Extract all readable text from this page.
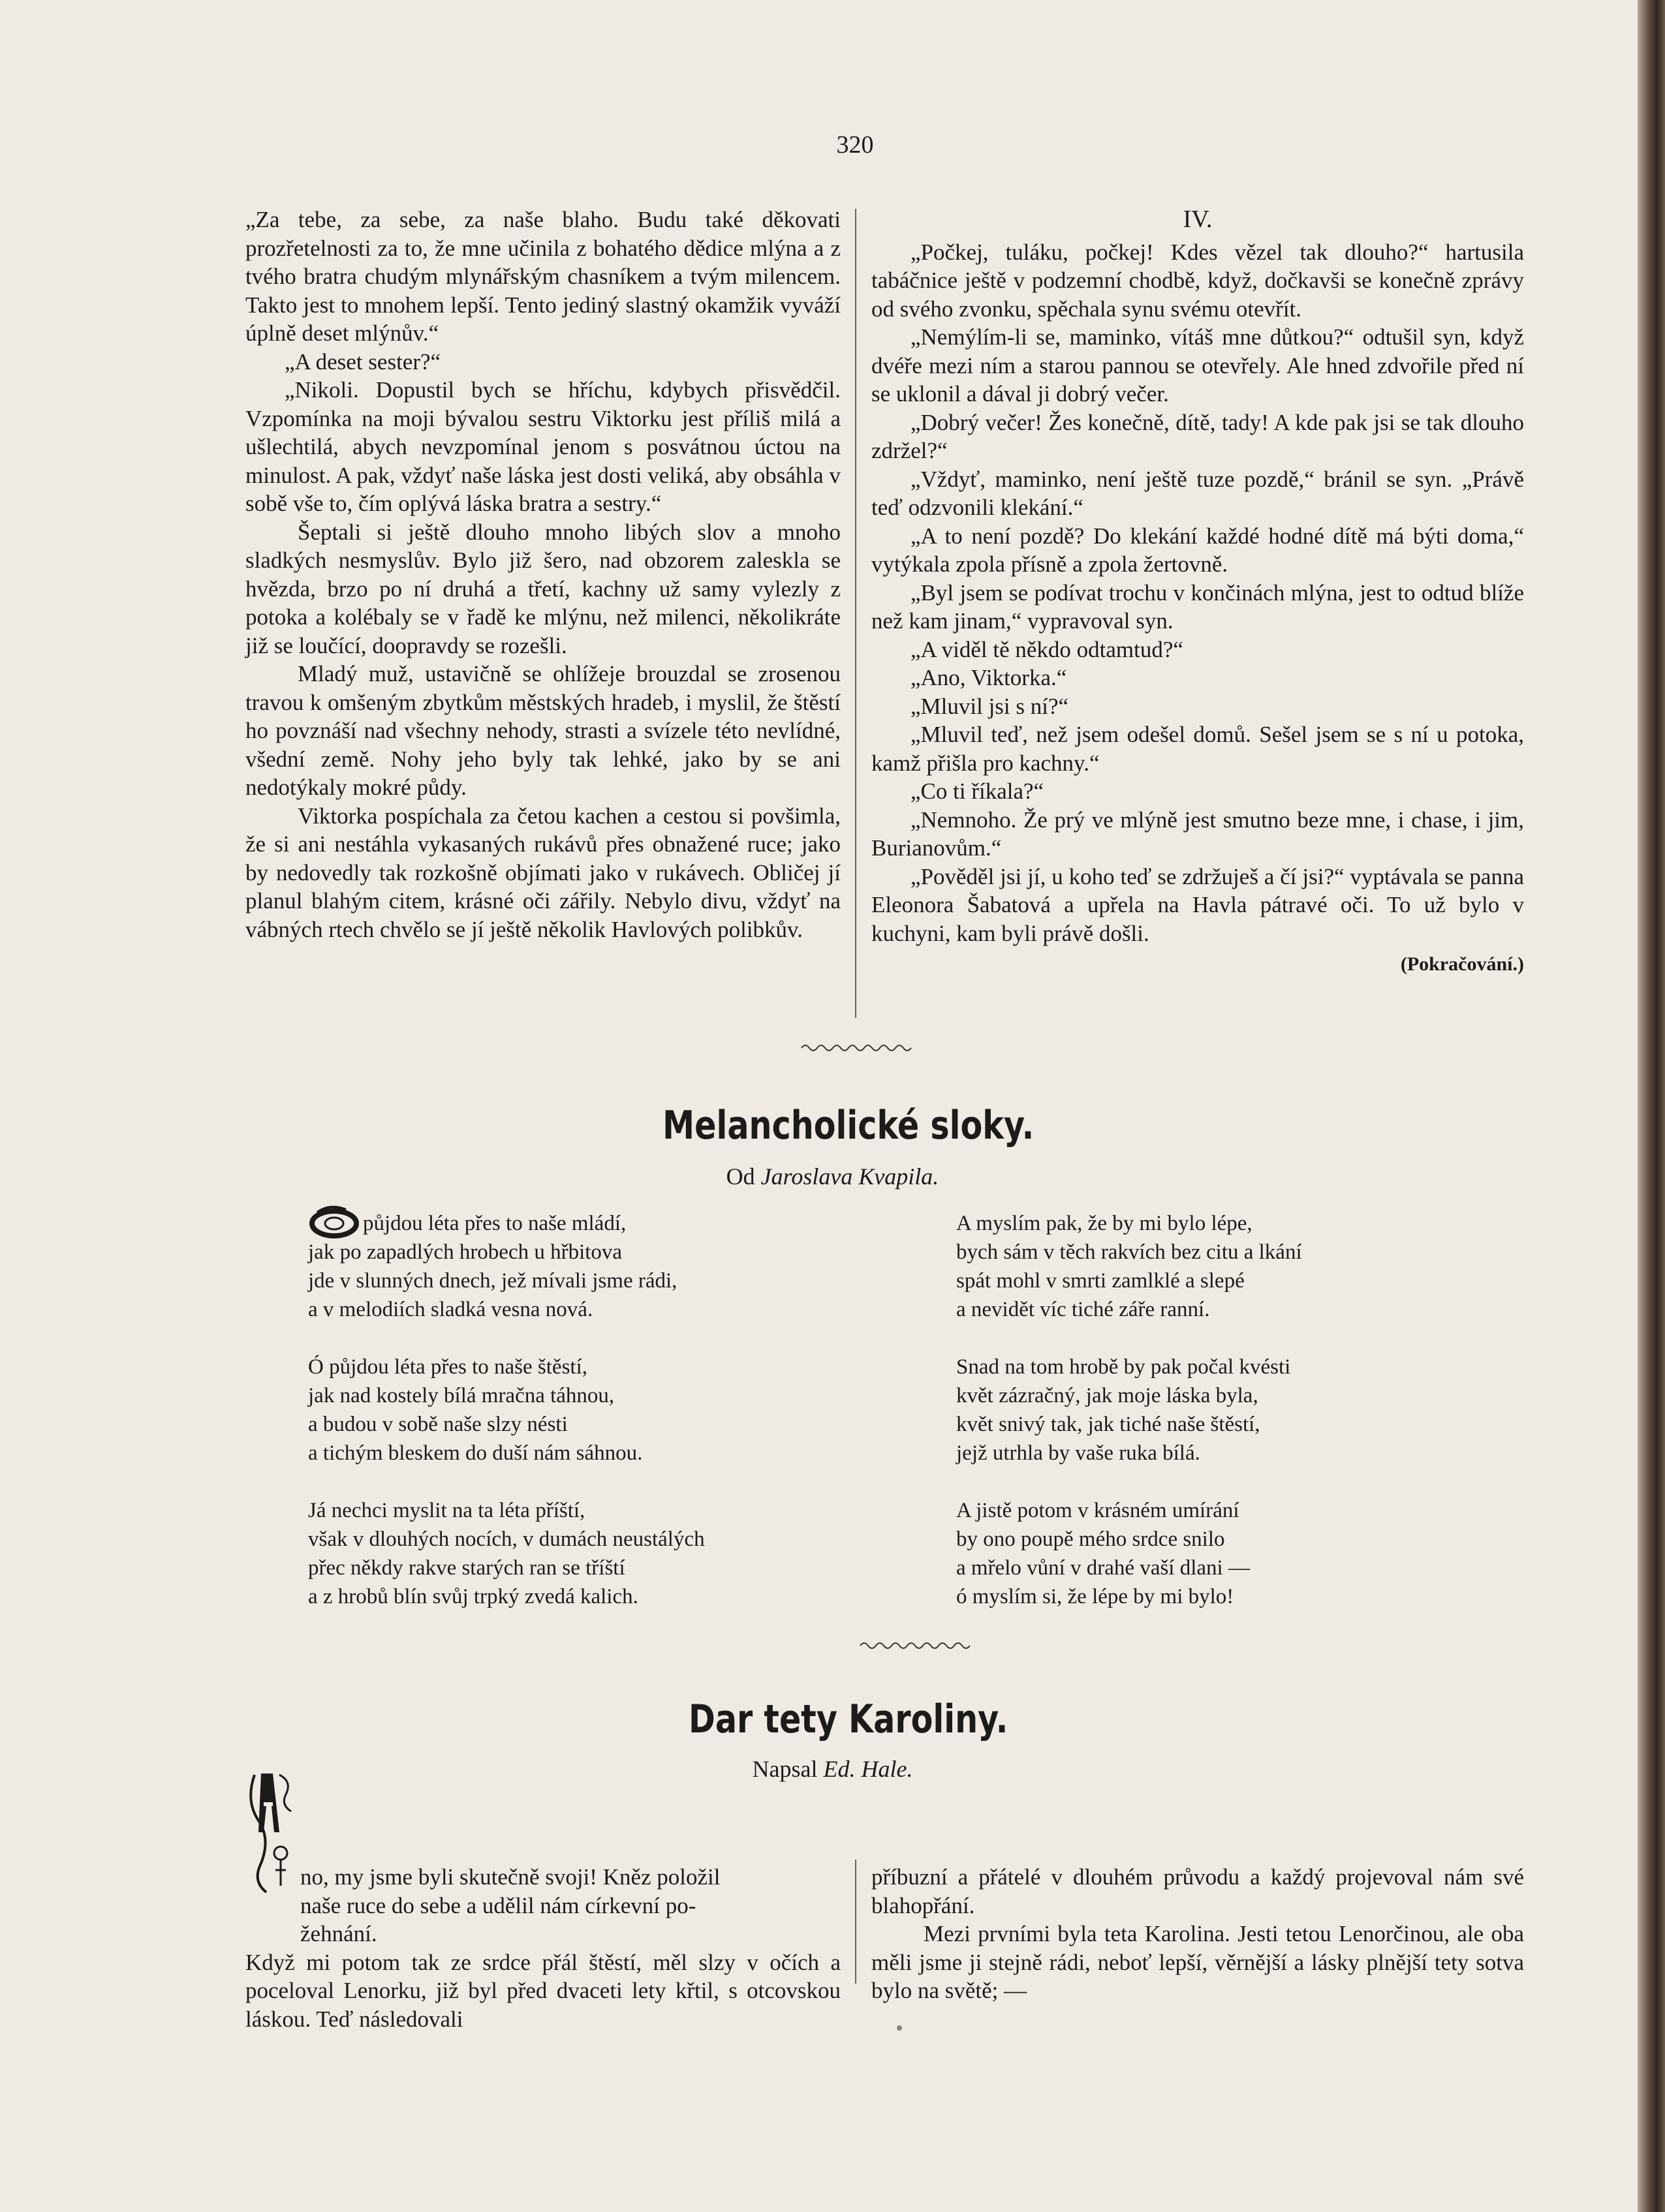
320

„Za tebe, za sebe, za naše blaho. Budu také děkovati prozřetelnosti za to, že mne učinila z bohatého dědice mlýna a z tvého bratra chudým mlynářským chasníkem a tvým milencem. Takto jest to mnohem lepší. Tento jediný slastný okamžik vyváží úplně deset mlýnův.“

„A deset sester?“

„Nikoli. Dopustil bych se hříchu, kdybych přisvědčil. Vzpomínka na moji bývalou sestru Viktorku jest příliš milá a ušlechtilá, abych nevzpomínal jenom s posvátnou úctou na minulost. A pak, vždyť naše láska jest dosti veliká, aby obsáhla v sobě vše to, čím oplývá láska bratra a sestry.“

Šeptali si ještě dlouho mnoho libých slov a mnoho sladkých nesmyslův. Bylo již šero, nad obzorem zaleskla se hvězda, brzo po ní druhá a třetí, kachny už samy vylezly z potoka a kolébaly se v řadě ke mlýnu, než milenci, několikráte již se loučící, doopravdy se rozešli.

Mladý muž, ustavičně se ohlížeje brouzdal se zrosenou travou k omšeným zbytkům městských hradeb, i myslil, že štěstí ho povznáší nad všechny nehody, strasti a svízele této nevlídné, všední země. Nohy jeho byly tak lehké, jako by se ani nedotýkaly mokré půdy.

Viktorka pospíchala za četou kachen a cestou si povšimla, že si ani nestáhla vykasaných rukávů přes obnažené ruce; jako by nedovedly tak rozkošně objímati jako v rukávech. Obličej jí planul blahým citem, krásné oči zářily. Nebylo divu, vždyť na vábných rtech chvělo se jí ještě několik Havlových polibkův.

IV.

„Počkej, tuláku, počkej! Kdes vězel tak dlouho?“ hartusila tabáčnice ještě v podzemní chodbě, když, dočkavši se konečně zprávy od svého zvonku, spěchala synu svému otevřít.

„Nemýlím-li se, maminko, vítáš mne důtkou?“ odtušil syn, když dvéře mezi ním a starou pannou se otevřely. Ale hned zdvořile před ní se uklonil a dával ji dobrý večer.

„Dobrý večer! Žes konečně, dítě, tady! A kde pak jsi se tak dlouho zdržel?“

„Vždyť, maminko, není ještě tuze pozdě,“ bránil se syn. „Právě teď odzvonili klekání.“

„A to není pozdě? Do klekání každé hodné dítě má býti doma,“ vytýkala zpola přísně a zpola žertovně.

„Byl jsem se podívat trochu v končinách mlýna, jest to odtud blíže než kam jinam,“ vypravoval syn.

„A viděl tě někdo odtamtud?“

„Ano, Viktorka.“

„Mluvil jsi s ní?“

„Mluvil teď, než jsem odešel domů. Sešel jsem se s ní u potoka, kamž přišla pro kachny.“

„Co ti říkala?“

„Nemnoho. Že prý ve mlýně jest smutno beze mne, i chase, i jim, Burianovům.“

„Pověděl jsi jí, u koho teď se zdržuješ a čí jsi?“ vyptávala se panna Eleonora Šabatová a upřela na Havla pátravé oči. To už bylo v kuchyni, kam byli právě došli.

(Pokračování.)
Melancholické sloky.
Od Jaroslava Kvapila.
půjdou léta přes to naše mládí,
jak po zapadlých hrobech u hřbitova
jde v slunných dnech, jež mívali jsme rádi,
a v melodiích sladká vesna nová.
Ó půjdou léta přes to naše štěstí,
jak nad kostely bílá mračna táhnou,
a budou v sobě naše slzy nésti
a tichým bleskem do duší nám sáhnou.
Já nechci myslit na ta léta příští,
však v dlouhých nocích, v dumách neustálých
přec někdy rakve starých ran se tříští
a z hrobů blín svůj trpký zvedá kalich.
A myslím pak, že by mi bylo lépe,
bych sám v těch rakvích bez citu a lkání
spát mohl v smrti zamlklé a slepé
a nevidět víc tiché záře ranní.
Snad na tom hrobě by pak počal kvésti
květ zázračný, jak moje láska byla,
květ snivý tak, jak tiché naše štěstí,
jejž utrhla by vaše ruka bílá.
A jistě potom v krásném umírání
by ono poupě mého srdce snilo
a mřelo vůní v drahé vaší dlani —
ó myslím si, že lépe by mi bylo!
Dar tety Karoliny.
Napsal Ed. Hale.
no, my jsme byli skutečně svoji! Kněz položil
naše ruce do sebe a udělil nám církevní po-
žehnání.

Když mi potom tak ze srdce přál štěstí, měl slzy v očích a poceloval Lenorku, již byl před dvaceti lety křtil, s otcovskou láskou. Teď následovali

příbuzní a přátelé v dlouhém průvodu a každý projevoval nám své blahopřání.

Mezi prvními byla teta Karolina. Jesti tetou Lenorčinou, ale oba měli jsme ji stejně rádi, neboť lepší, věrnější a lásky plnější tety sotva bylo na světě; —
